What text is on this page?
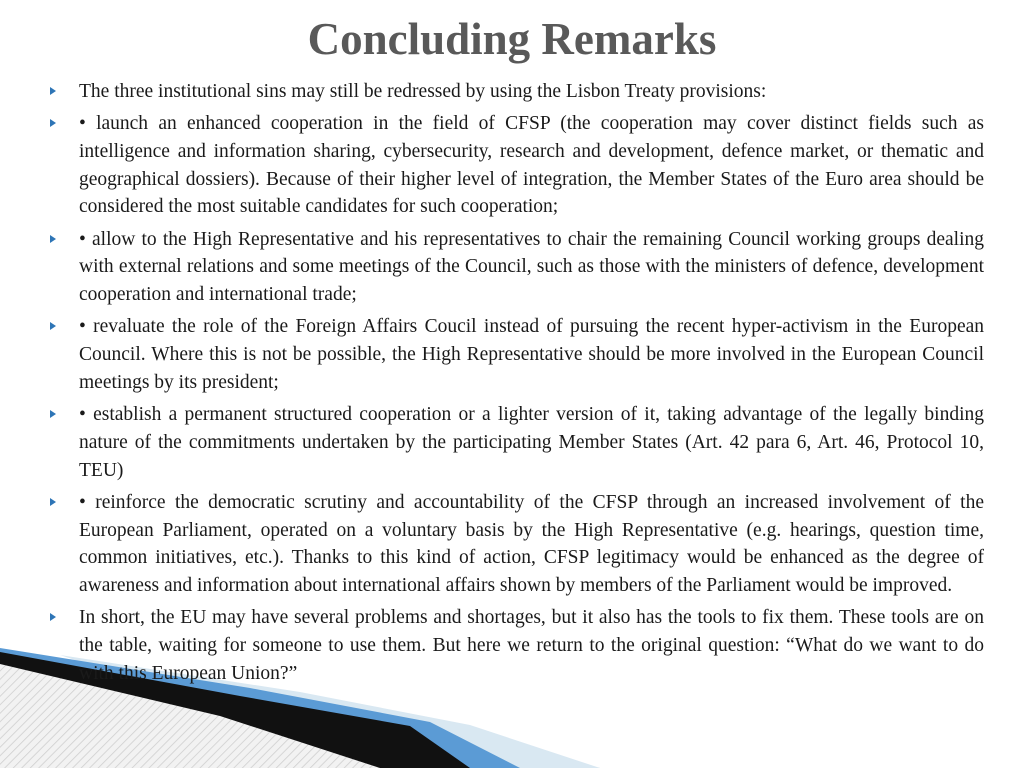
Concluding Remarks
The three institutional sins may still be redressed by using the Lisbon Treaty provisions:
• launch an enhanced cooperation in the field of CFSP (the cooperation may cover distinct fields such as intelligence and information sharing, cybersecurity, research and development, defence market, or thematic and geographical dossiers). Because of their higher level of integration, the Member States of the Euro area should be considered the most suitable candidates for such cooperation;
• allow to the High Representative and his representatives to chair the remaining Council working groups dealing with external relations and some meetings of the Council, such as those with the ministers of defence, development cooperation and international trade;
• revaluate the role of the Foreign Affairs Coucil instead of pursuing the recent hyper-activism in the European Council. Where this is not be possible, the High Representative should be more involved in the European Council meetings by its president;
• establish a permanent structured cooperation or a lighter version of it, taking advantage of the legally binding nature of the commitments undertaken by the participating Member States (Art. 42 para 6, Art. 46, Protocol 10, TEU)
• reinforce the democratic scrutiny and accountability of the CFSP through an increased involvement of the European Parliament, operated on a voluntary basis by the High Representative (e.g. hearings, question time, common initiatives, etc.). Thanks to this kind of action, CFSP legitimacy would be enhanced as the degree of awareness and information about international affairs shown by members of the Parliament would be improved.
In short, the EU may have several problems and shortages, but it also has the tools to fix them. These tools are on the table, waiting for someone to use them. But here we return to the original question: “What do we want to do with this European Union?”
